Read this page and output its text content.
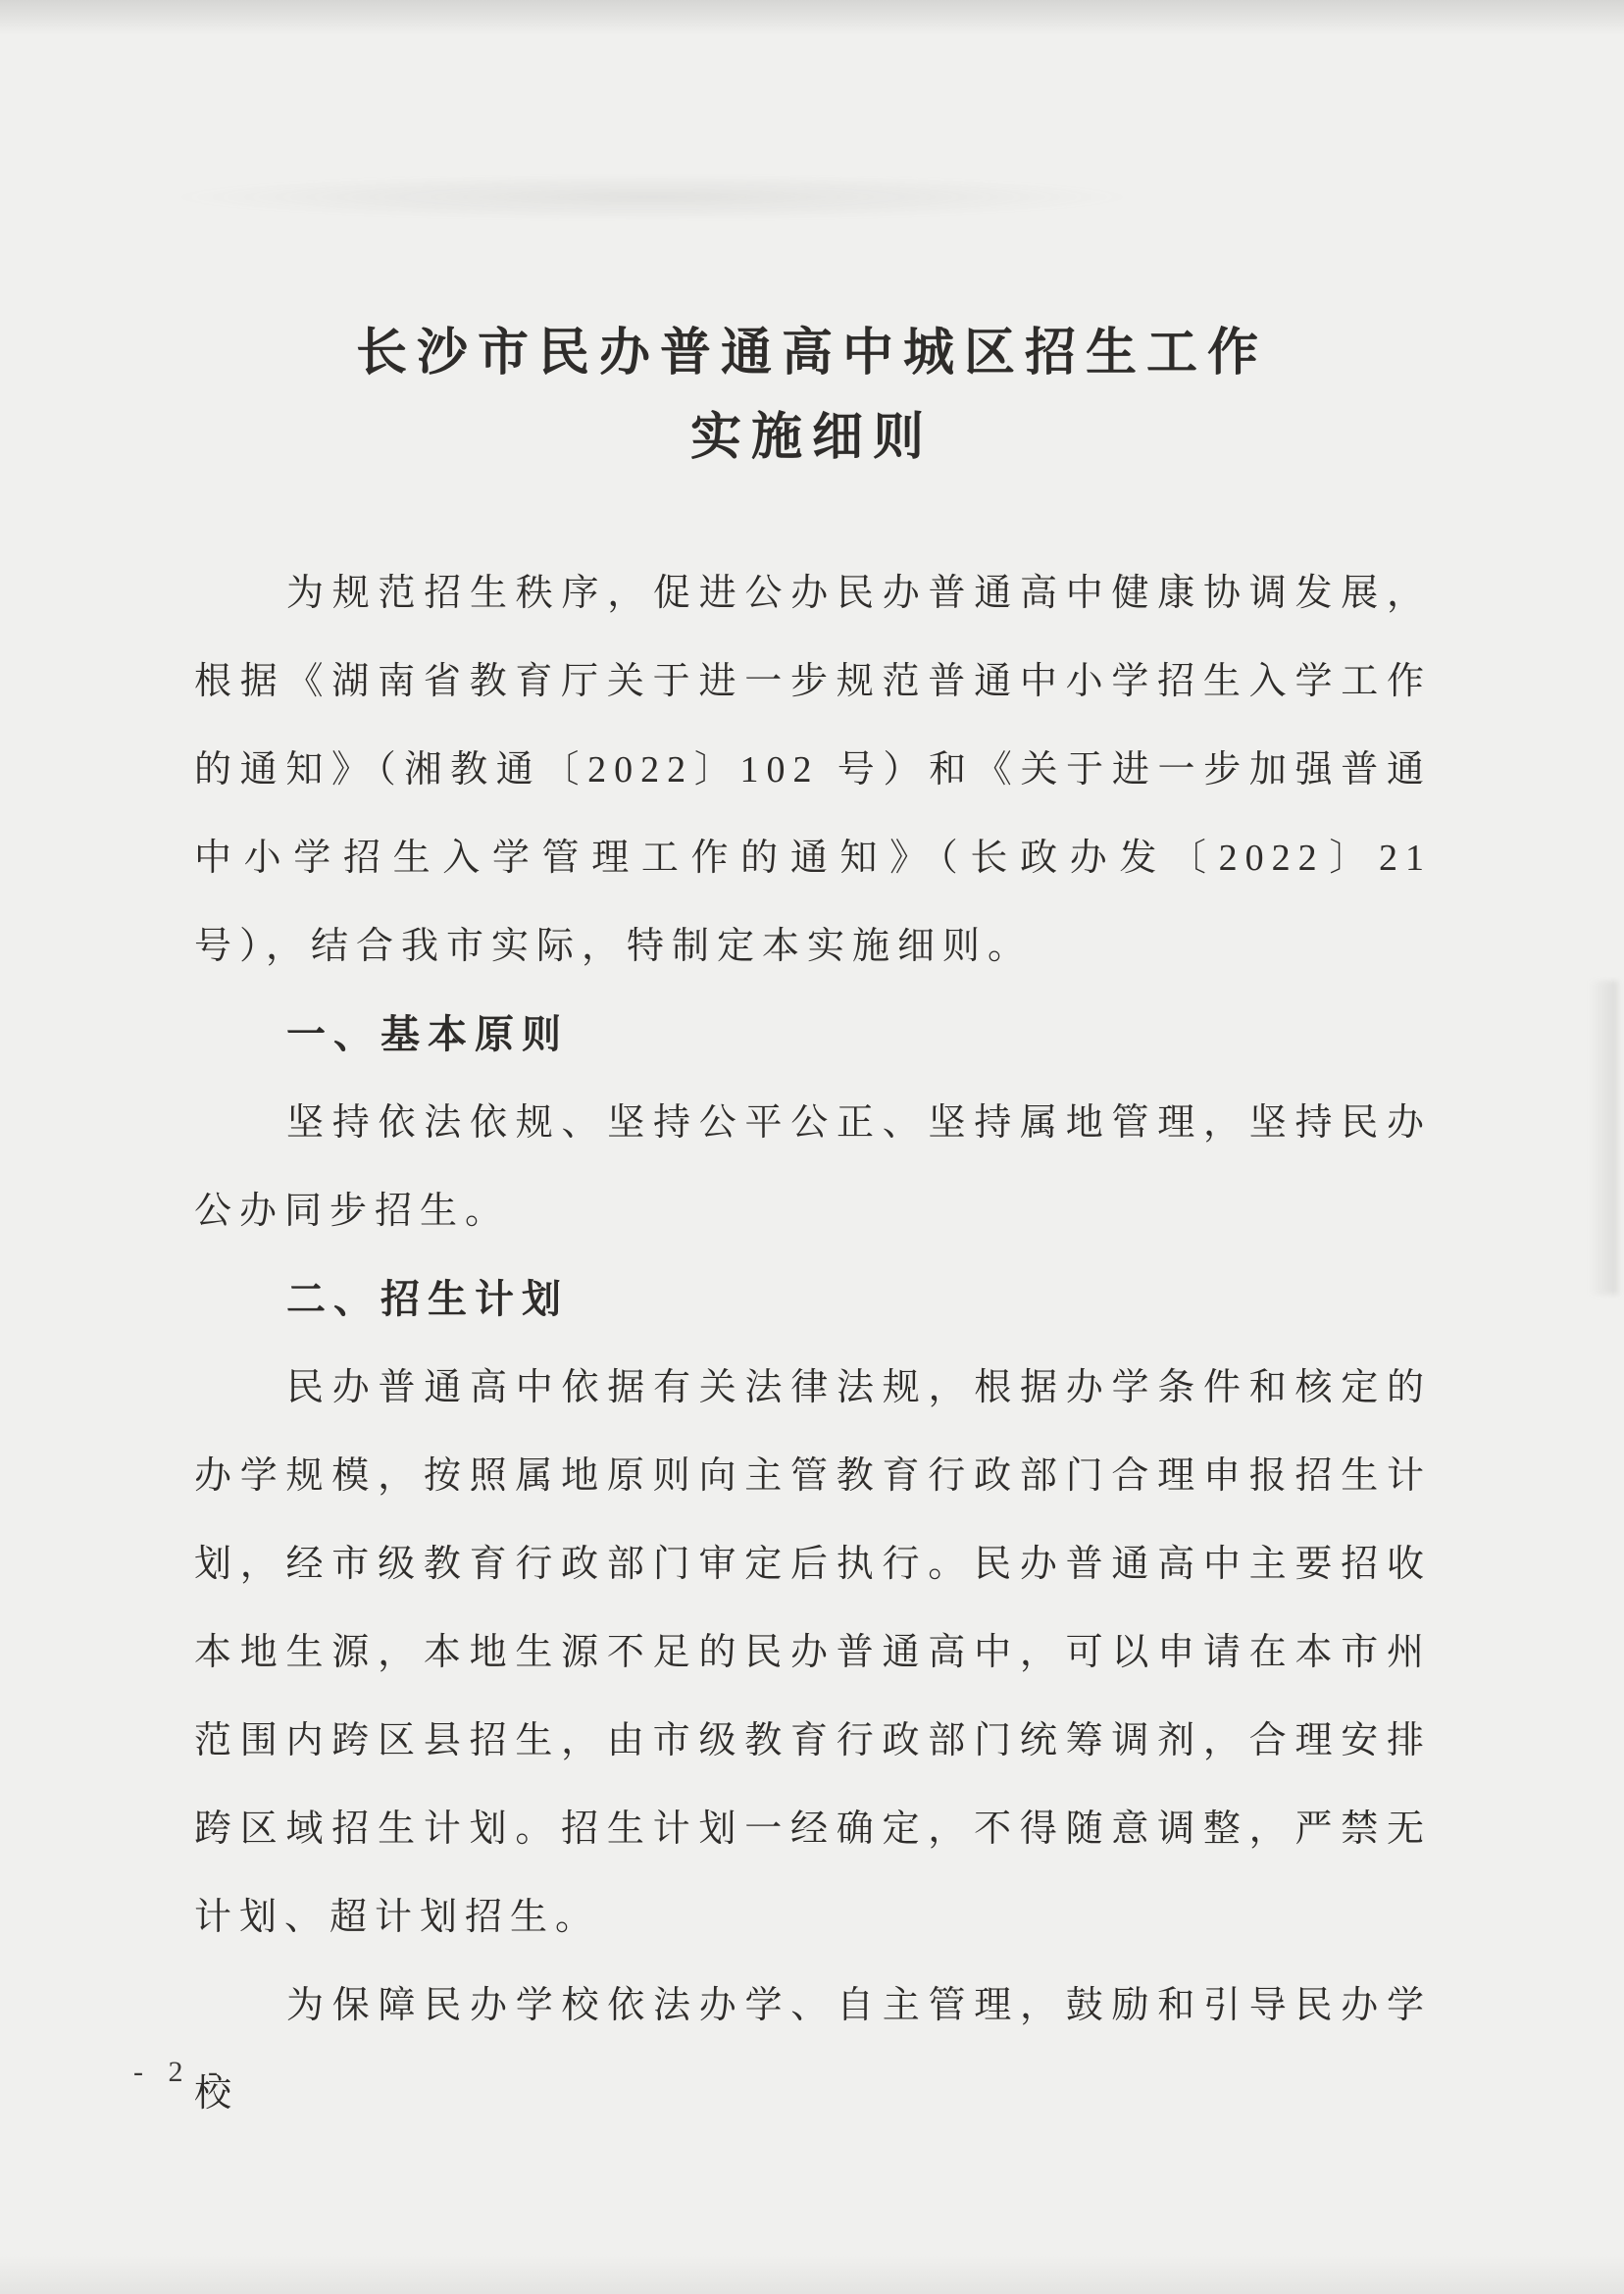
长沙市民办普通高中城区招生工作
实施细则

为规范招生秩序，促进公办民办普通高中健康协调发展，根据《湖南省教育厅关于进一步规范普通中小学招生入学工作的通知》（湘教通〔2022〕102 号）和《关于进一步加强普通中小学招生入学管理工作的通知》（长政办发〔2022〕21 号），结合我市实际，特制定本实施细则。

一、基本原则

坚持依法依规、坚持公平公正、坚持属地管理，坚持民办公办同步招生。

二、招生计划

民办普通高中依据有关法律法规，根据办学条件和核定的办学规模，按照属地原则向主管教育行政部门合理申报招生计划，经市级教育行政部门审定后执行。民办普通高中主要招收本地生源，本地生源不足的民办普通高中，可以申请在本市州范围内跨区县招生，由市级教育行政部门统筹调剂，合理安排跨区域招生计划。招生计划一经确定，不得随意调整，严禁无计划、超计划招生。

为保障民办学校依法办学、自主管理，鼓励和引导民办学校

- 2 -
